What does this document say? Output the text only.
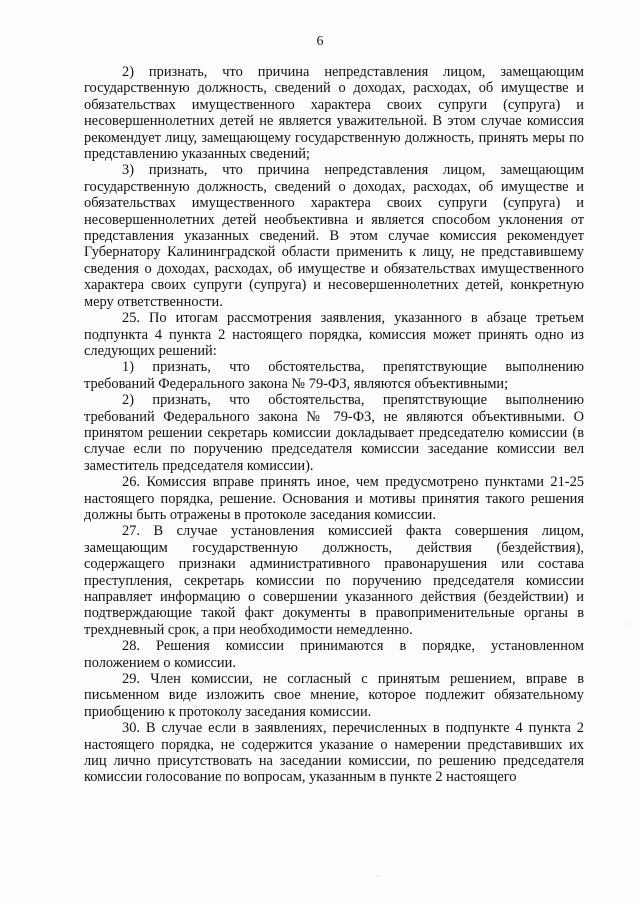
6

2) признать, что причина непредставления лицом, замещающим государственную должность, сведений о доходах, расходах, об имуществе и обязательствах имущественного характера своих супруги (супруга) и несовершеннолетних детей не является уважительной. В этом случае комиссия рекомендует лицу, замещающему государственную должность, принять меры по представлению указанных сведений;

3) признать, что причина непредставления лицом, замещающим государственную должность, сведений о доходах, расходах, об имуществе и обязательствах имущественного характера своих супруги (супруга) и несовершеннолетних детей необъективна и является способом уклонения от представления указанных сведений. В этом случае комиссия рекомендует Губернатору Калининградской области применить к лицу, не представившему сведения о доходах, расходах, об имуществе и обязательствах имущественного характера своих супруги (супруга) и несовершеннолетних детей, конкретную меру ответственности.

25. По итогам рассмотрения заявления, указанного в абзаце третьем подпункта 4 пункта 2 настоящего порядка, комиссия может принять одно из следующих решений:

1) признать, что обстоятельства, препятствующие выполнению требований Федерального закона № 79-ФЗ, являются объективными;

2) признать, что обстоятельства, препятствующие выполнению требований Федерального закона № 79-ФЗ, не являются объективными. О принятом решении секретарь комиссии докладывает председателю комиссии (в случае если по поручению председателя комиссии заседание комиссии вел заместитель председателя комиссии).

26. Комиссия вправе принять иное, чем предусмотрено пунктами 21-25 настоящего порядка, решение. Основания и мотивы принятия такого решения должны быть отражены в протоколе заседания комиссии.

27. В случае установления комиссией факта совершения лицом, замещающим государственную должность, действия (бездействия), содержащего признаки административного правонарушения или состава преступления, секретарь комиссии по поручению председателя комиссии направляет информацию о совершении указанного действия (бездействии) и подтверждающие такой факт документы в правоприменительные органы в трехдневный срок, а при необходимости немедленно.

28. Решения комиссии принимаются в порядке, установленном положением о комиссии.

29. Член комиссии, не согласный с принятым решением, вправе в письменном виде изложить свое мнение, которое подлежит обязательному приобщению к протоколу заседания комиссии.

30. В случае если в заявлениях, перечисленных в подпункте 4 пункта 2 настоящего порядка, не содержится указание о намерении представивших их лиц лично присутствовать на заседании комиссии, по решению председателя комиссии голосование по вопросам, указанным в пункте 2 настоящего

·
·
